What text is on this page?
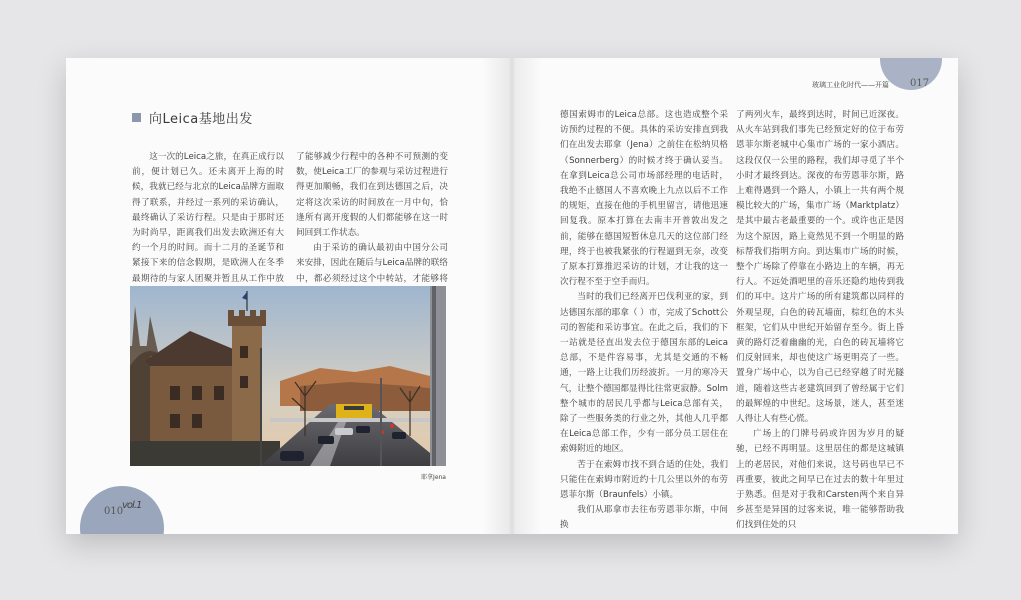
向Leica基地出发

这一次的Leica之旅，在真正成行以前，便计划已久。还未离开上海的时候，我就已经与北京的Leica品牌方面取得了联系，并经过一系列的采访确认，最终确认了采访行程。只是由于那时还为时尚早，距离我们出发去欧洲还有大约一个月的时间。而十二月的圣诞节和紧接下来的信念假期，是欧洲人在冬季最期待的与家人团聚并暂且从工作中放

了能够减少行程中的各种不可预测的变数，使Leica工厂的参观与采访过程进行得更加顺畅，我们在到达德国之后，决定将这次采访的时间放在一月中旬，恰逢所有离开度假的人们都能够在这一时间回到工作状态。

由于采访的确认最初由中国分公司来安排，因此在随后与Leica品牌的联络中，都必须经过这个中转站，才能够将

耶拿Jena
010
vol.1
玻璃工业化时代——开篇 017

德国索姆市的Leica总部。这也造成整个采访预约过程的不便。具体的采访安排直到我们在出发去耶拿（Jena）之前住在松纳贝格（Sonnerberg）的时候才终于确认妥当。在拿到Leica总公司市场部经理的电话时，我绝不止德国人不喜欢晚上九点以后不工作的规矩，直接在他的手机里留言，请他迅速回复我。原本打算在去南丰开普敦出发之前，能够在德国短暂休息几天的这位部门经理，终于也被我紧张的行程逼到无奈，改变了原本打算推迟采访的计划，才让我的这一次行程不至于空手而归。

当时的我们已经离开巴伐利亚的家，到达德国东部的耶拿（ ）市，完成了Schott公司的智能和采访事宜。在此之后，我们的下一站就是径直出发去位于德国东部的Leica总部，不是件容易事，尤其是交通的不畅通，一路上让我们历经波折。一月的寒冷天气，让整个德国都显得比往常更寂静。Solm整个城市的居民几乎都与Leica总部有关，除了一些服务类的行业之外，其他人几乎都在Leica总部工作，少有一部分员工居住在索姆附近的地区。

苦于在索姆市找不到合适的住处，我们只能住在索姆市附近约十几公里以外的布劳恩菲尔斯（Braunfels）小镇。

我们从耶拿市去往布劳恩菲尔斯，中间换

了两列火车，最终到达时，时间已近深夜。从火车站到我们事先已经预定好的位于布劳恩菲尔斯老城中心集市广场的一家小酒店。这段仅仅一公里的路程，我们却寻觅了半个小时才最终到达。深夜的布劳恩菲尔斯，路上难得遇到一个路人，小镇上一共有两个规模比较大的广场，集市广场（Marktplatz）是其中最古老最重要的一个。或许也正是因为这个原因，路上竟然见不到一个明显的路标帮我们指明方向。到达集市广场的时候，整个广场除了停靠在小路边上的车辆，再无行人。不远处酒吧里的音乐还隐约地传到我们的耳中。这片广场的所有建筑都以同样的外观呈现，白色的砖瓦墙面，棕红色的木头框架，它们从中世纪开始留存至今。街上昏黄的路灯泛着幽幽的光，白色的砖瓦墙将它们反射回来，却也使这广场更明亮了一些。置身广场中心，以为自己已经穿越了时光隧道，随着这些古老建筑回到了曾经属于它们的最辉煌的中世纪。这场景，迷人，甚至迷人得让人有些心慌。

广场上的门牌号码或许因为岁月的疑驰，已经不再明显。这里居住的都是这城镇上的老居民，对他们来说，这号码也早已不再重要，彼此之间早已在过去的数十年里过于熟悉。但是对于我和Carsten两个来自异乡甚至是异国的过客来说，唯一能够帮助我们找到住处的只
